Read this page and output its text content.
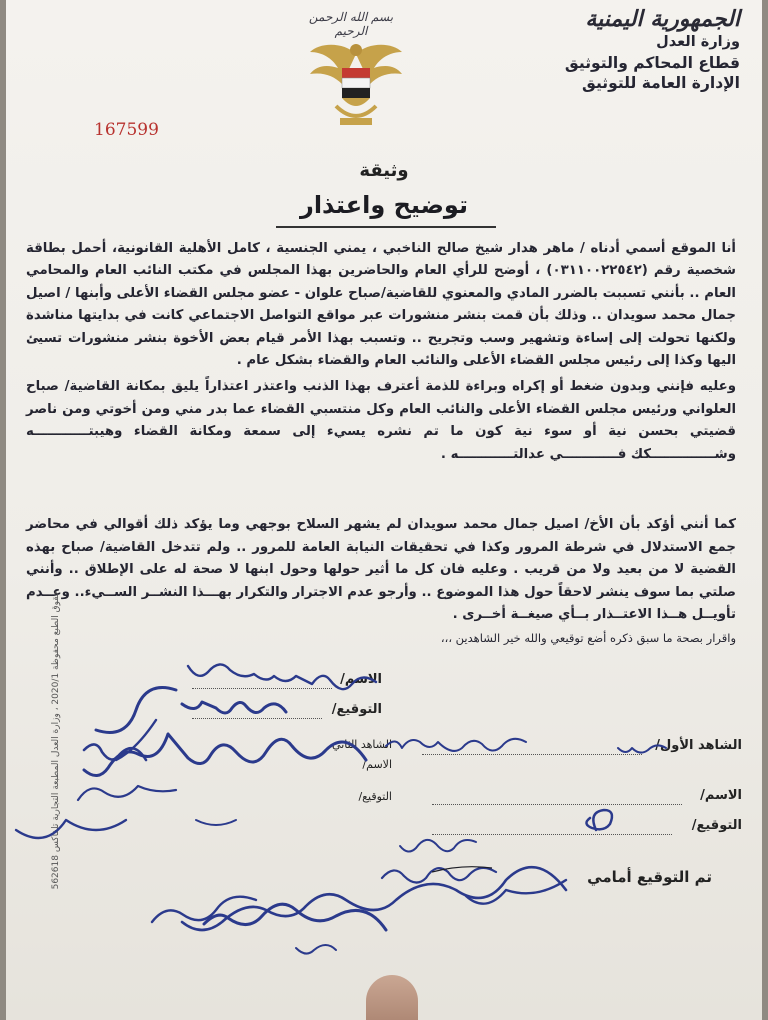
الجمهورية اليمنية
وزارة العدل
قطاع المحاكم والتوثيق
الإدارة العامة للتوثيق
بسم الله الرحمن الرحيم
167599
وثيقة
توضيح واعتذار

أنا الموقع أسمي أدناه / ماهر هدار شيخ صالح الناخبي ، يمني الجنسية ، كامل الأهلية القانونية، أحمل بطاقة شخصية رقم (٠٣١١٠٠٢٢٥٤٢) ، أوضح للرأي العام والحاضرين بهذا المجلس في مكتب النائب العام والمحامي العام .. بأنني تسببت بالضرر المادي والمعنوي للقاضية/صباح علوان - عضو مجلس القضاء الأعلى وأبنها / اصيل جمال محمد سويدان .. وذلك بأن قمت بنشر منشورات عبر مواقع التواصل الاجتماعي كانت في بدايتها مناشدة ولكنها تحولت إلى إساءة وتشهير وسب وتجريح .. وتسبب بهذا الأمر قيام بعض الأخوة بنشر منشورات تسيئ اليها وكذا إلى رئيس مجلس القضاء الأعلى والنائب العام والقضاء بشكل عام .

وعليه فإنني وبدون ضغط أو إكراه وبراءة للذمة أعترف بهذا الذنب واعتذر اعتذاراً يليق بمكانة القاضية/ صباح العلواني ورئيس مجلس القضاء الأعلى والنائب العام وكل منتسبي القضاء عما بدر مني ومن أخوتي ومن ناصر قضيتي بحسن نية أو سوء نية كون ما تم نشره يسيء إلى سمعة ومكانة القضاء وهيبتــــــــــــه وشــــــــــــــكك فــــــــــــي عدالتــــــــــــه .

كما أنني أؤكد بأن الأخ/ اصيل جمال محمد سويدان لم يشهر السلاح بوجهي وما يؤكد ذلك أقوالي في محاضر جمع الاستدلال في شرطة المرور وكذا في تحقيقات النيابة العامة للمرور .. ولم تتدخل القاضية/ صباح بهذه القضية لا من بعيد ولا من قريب . وعليه فان كل ما أثير حولها وحول ابنها لا صحة له على الإطلاق .. وأنني صلتي بما سوف ينشر لاحقاً حول هذا الموضوع .. وأرجو عدم الاجترار والتكرار بهـــذا النشــر الســيء.. وعــدم تأويــل هــذا الاعتــذار بــأي صيغــة أخــرى .

واقرار بصحة ما سبق ذكره أضع توقيعي والله خير الشاهدين ،،،

الاسم/
التوقيع/
الشاهد الأول/
الاسم/
التوقيع/
الشاهد الثاني
الاسم/
التوقيع/
تم التوقيع أمامي
حقوق الطبع محفوظة 2020/1 ، وزارة العدل المطبعة التجارية تلفاكس 562618
